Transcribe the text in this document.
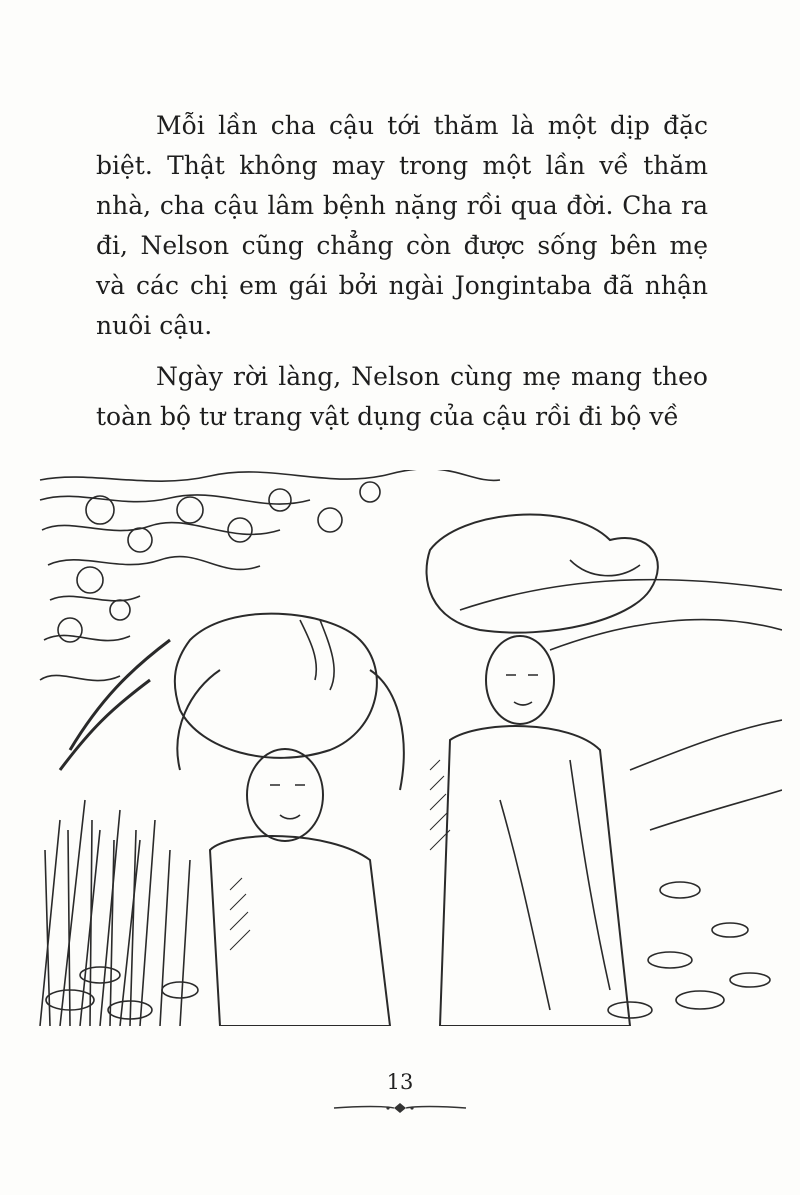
Mỗi lần cha cậu tới thăm là một dịp đặc biệt. Thật không may trong một lần về thăm nhà, cha cậu lâm bệnh nặng rồi qua đời. Cha ra đi, Nelson cũng chẳng còn được sống bên mẹ và các chị em gái bởi ngài Jongintaba đã nhận nuôi cậu.

Ngày rời làng, Nelson cùng mẹ mang theo toàn bộ tư trang vật dụng của cậu rồi đi bộ về

13
